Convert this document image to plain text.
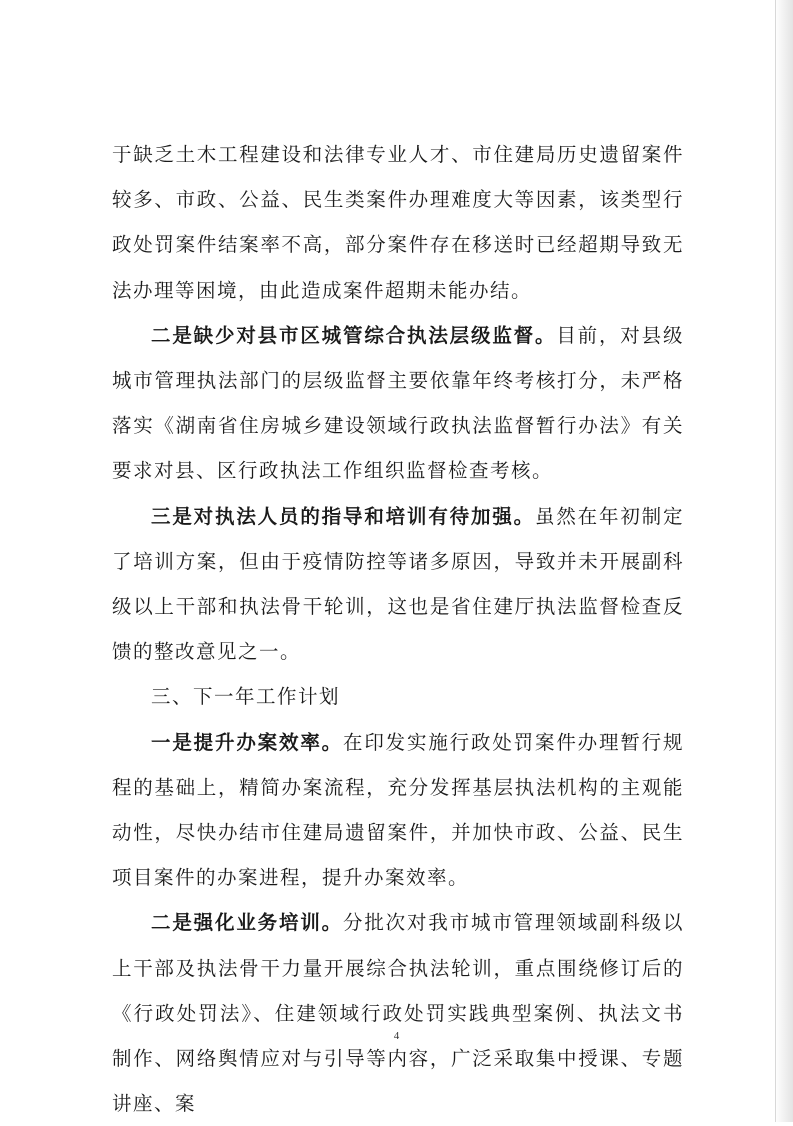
于缺乏土木工程建设和法律专业人才、市住建局历史遗留案件较多、市政、公益、民生类案件办理难度大等因素，该类型行政处罚案件结案率不高，部分案件存在移送时已经超期导致无法办理等困境，由此造成案件超期未能办结。

二是缺少对县市区城管综合执法层级监督。目前，对县级城市管理执法部门的层级监督主要依靠年终考核打分，未严格落实《湖南省住房城乡建设领域行政执法监督暂行办法》有关要求对县、区行政执法工作组织监督检查考核。

三是对执法人员的指导和培训有待加强。虽然在年初制定了培训方案，但由于疫情防控等诸多原因，导致并未开展副科级以上干部和执法骨干轮训，这也是省住建厅执法监督检查反馈的整改意见之一。

三、下一年工作计划

一是提升办案效率。在印发实施行政处罚案件办理暂行规程的基础上，精简办案流程，充分发挥基层执法机构的主观能动性，尽快办结市住建局遗留案件，并加快市政、公益、民生项目案件的办案进程，提升办案效率。

二是强化业务培训。分批次对我市城市管理领域副科级以上干部及执法骨干力量开展综合执法轮训，重点围绕修订后的《行政处罚法》、住建领域行政处罚实践典型案例、执法文书制作、网络舆情应对与引导等内容，广泛采取集中授课、专题讲座、案

4
